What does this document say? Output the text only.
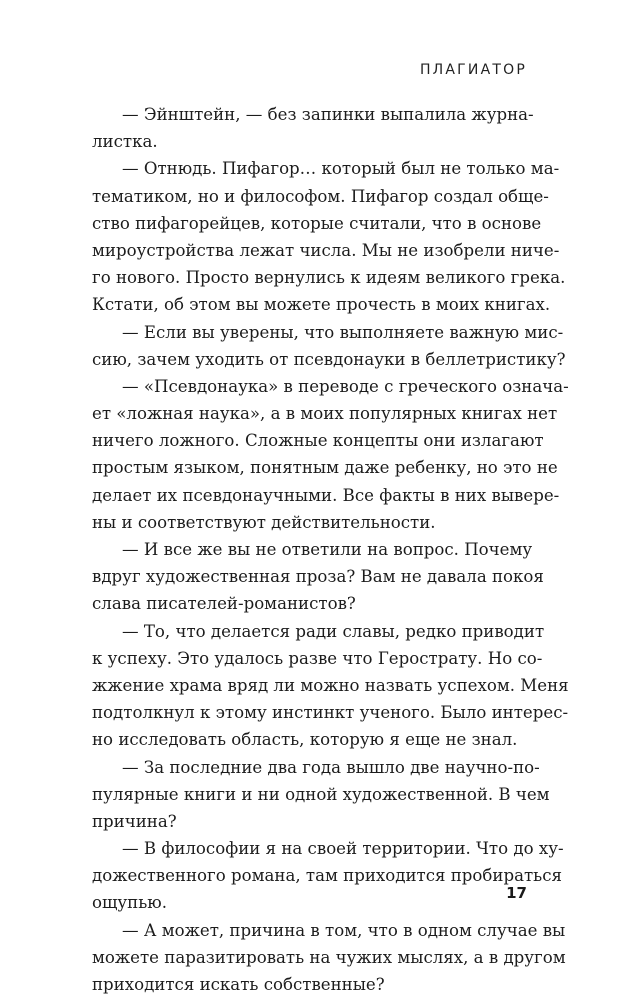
ПЛАГИАТОР
— Эйнштейн, — без запинки выпалила журна-
листка.
— Отнюдь. Пифагор… который был не только ма-
тематиком, но и философом. Пифагор создал обще-
ство пифагорейцев, которые считали, что в основе
мироустройства лежат числа. Мы не изобрели ниче-
го нового. Просто вернулись к идеям великого грека.
Кстати, об этом вы можете прочесть в моих книгах.
— Если вы уверены, что выполняете важную мис-
сию, зачем уходить от псевдонауки в беллетристику?
— «Псевдонаука» в переводе с греческого означа-
ет «ложная наука», а в моих популярных книгах нет
ничего ложного. Сложные концепты они излагают
простым языком, понятным даже ребенку, но это не
делает их псевдонаучными. Все факты в них выверe-
ны и соответствуют действительности.
— И все же вы не ответили на вопрос. Почему
вдруг художественная проза? Вам не давала покоя
слава писателей-романистов?
— То, что делается ради славы, редко приводит
к успеху. Это удалось разве что Герострату. Но со-
жжение храма вряд ли можно назвать успехом. Меня
подтолкнул к этому инстинкт ученого. Было интерес-
но исследовать область, которую я еще не знал.
— За последние два года вышло две научно-по-
пулярные книги и ни одной художественной. В чем
причина?
— В философии я на своей территории. Что до ху-
дожественного романа, там приходится пробираться
ощупью.
— А может, причина в том, что в одном случае вы
можете паразитировать на чужих мыслях, а в другом
приходится искать собственные?
17
